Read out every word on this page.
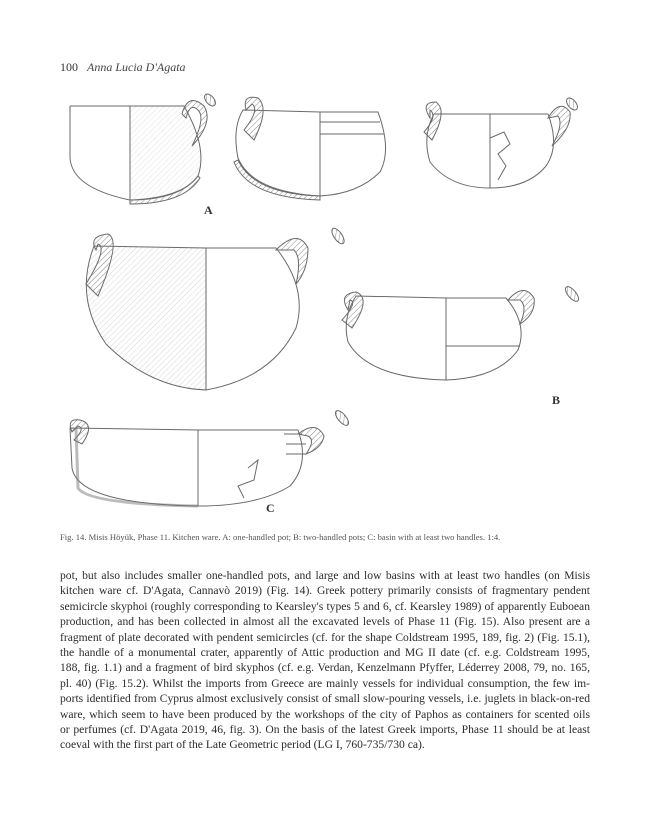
100 Anna Lucia D'Agata
A
B
C
Fig. 14. Misis Höyük, Phase 11. Kitchen ware. A: one-handled pot; B: two-handled pots; C: basin with at least two handles. 1:4.
pot, but also includes smaller one-handled pots, and large and low basins with at least two handles (on Misis
kitchen ware cf. D'Agata, Cannavò 2019) (Fig. 14). Greek pottery primarily consists of fragmentary pendent
semicircle skyphoi (roughly corresponding to Kearsley's types 5 and 6, cf. Kearsley 1989) of apparently Euboean
production, and has been collected in almost all the excavated levels of Phase 11 (Fig. 15). Also present are a
fragment of plate decorated with pendent semicircles (cf. for the shape Coldstream 1995, 189, fig. 2) (Fig. 15.1),
the handle of a monumental crater, apparently of Attic production and MG II date (cf. e.g. Coldstream 1995,
188, fig. 1.1) and a fragment of bird skyphos (cf. e.g. Verdan, Kenzelmann Pfyffer, Léderrey 2008, 79, no. 165,
pl. 40) (Fig. 15.2). Whilst the imports from Greece are mainly vessels for individual consumption, the few im-
ports identified from Cyprus almost exclusively consist of small slow-pouring vessels, i.e. juglets in black-on-red
ware, which seem to have been produced by the workshops of the city of Paphos as containers for scented oils
or perfumes (cf. D'Agata 2019, 46, fig. 3). On the basis of the latest Greek imports, Phase 11 should be at least
coeval with the first part of the Late Geometric period (LG I, 760-735/730 ca).
